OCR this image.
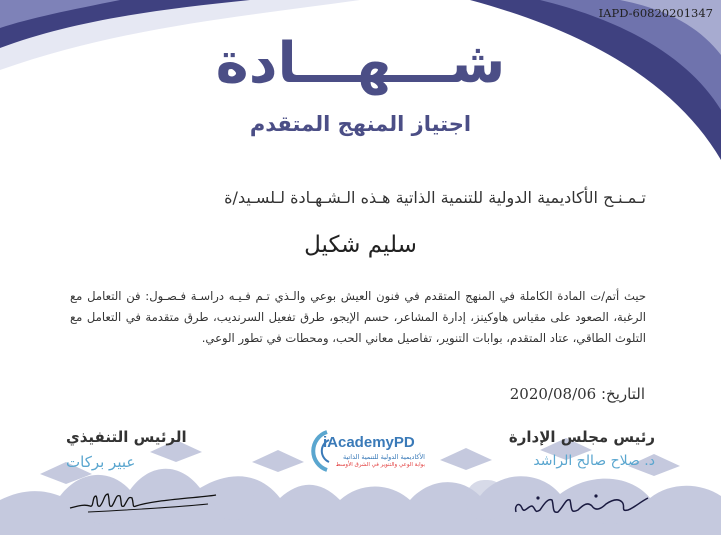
IAPD-60820201347
شـــهـــادة
اجتياز المنهج المتقدم
تـمـنـح الأكاديمية الدولية للتنمية الذاتية هـذه الـشـهـادة لـلسـيد/ة
سليم شكيل
حيث أتم/ت المادة الكاملة في المنهج المتقدم في فنون العيش بوعي والـذي تـم فـيـه دراسـة فـصـول: فن التعامل مع الرغبة، الصعود على مقياس هاوكينز، إدارة المشاعر، حسم الإيجو، طرق تفعيل السرنديب، طرق متقدمة في التعامل مع التلوث الطاقي، عتاد المتقدم، بوابات التنوير، تفاصيل معاني الحب، ومحطات في تطور الوعي.
التاريخ: 2020/08/06
رئيس مجلس الإدارة
د. صلاح صالح الراشد
الرئيس التنفيذي
عبير بركات
iAcademyPD
الأكاديمية الدولية للتنمية الذاتية
بوابة الوعي والتنوير في الشرق الأوسط
